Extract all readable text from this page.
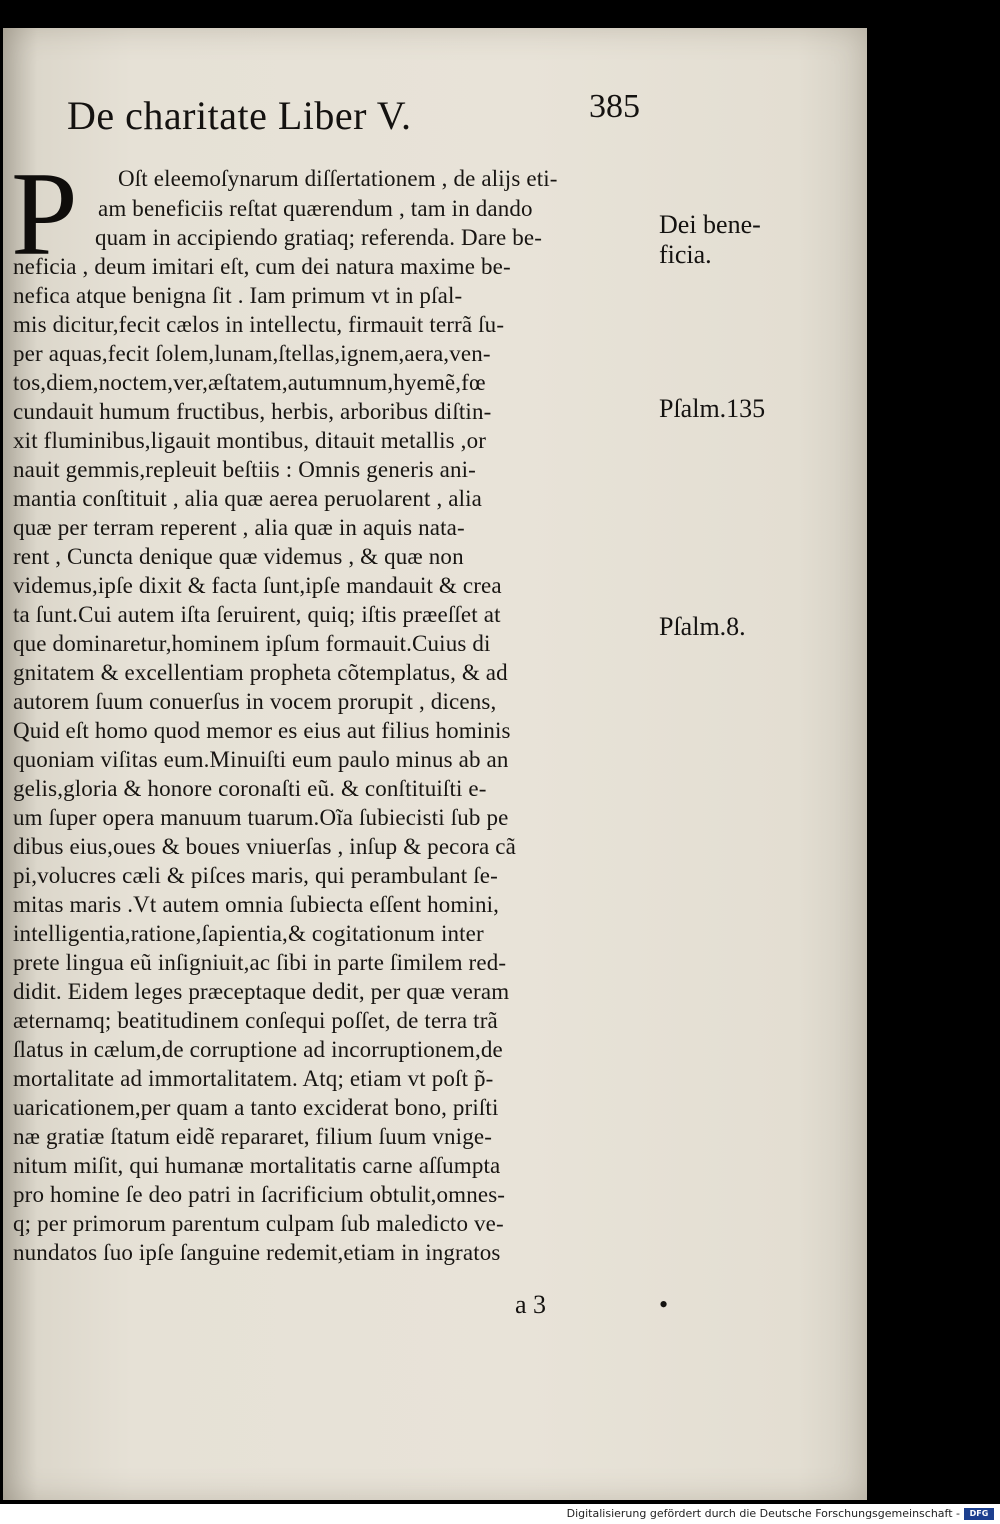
De charitate Liber V.	385
P Oſt eleemoſynarum diſſertationem , de alijs eti-
am beneficiis reſtat quærendum , tam in dando
quam in accipiendo gratiaq; referenda. Dare be-
neficia , deum imitari eſt, cum dei natura maxime be-
nefica atque benigna ſit . Iam primum vt in pſal-
mis dicitur,fecit cælos in intellectu, firmauit terrã ſu-
per aquas,fecit ſolem,lunam,ſtellas,ignem,aera,ven-
tos,diem,noctem,ver,æſtatem,autumnum,hyemẽ,fœ
cundauit humum fructibus, herbis, arboribus diſtin-
xit fluminibus,ligauit montibus, ditauit metallis ,or
nauit gemmis,repleuit beſtiis : Omnis generis ani-
mantia conſtituit , alia quæ aerea peruolarent , alia
quæ per terram reperent , alia quæ in aquis nata-
rent , Cuncta denique quæ videmus , & quæ non
videmus,ipſe dixit & facta ſunt,ipſe mandauit & crea
ta ſunt.Cui autem iſta ſeruirent, quiq; iſtis præeſſet at
que dominaretur,hominem ipſum formauit.Cuius di
gnitatem & excellentiam propheta cõtemplatus, & ad
autorem ſuum conuerſus in vocem prorupit , dicens,
Quid eſt homo quod memor es eius aut filius hominis
quoniam viſitas eum.Minuiſti eum paulo minus ab an
gelis,gloria & honore coronaſti eũ. & conſtituiſti e-
um ſuper opera manuum tuarum.Oĩa ſubiecisti ſub pe
dibus eius,oues & boues vniuerſas , inſup & pecora cã
pi,volucres cæli & piſces maris, qui perambulant ſe-
mitas maris .Vt autem omnia ſubiecta eſſent homini,
intelligentia,ratione,ſapientia,& cogitationum inter
prete lingua eũ inſigniuit,ac ſibi in parte ſimilem red-
didit. Eidem leges præceptaque dedit, per quæ veram
æternamq; beatitudinem conſequi poſſet, de terra trã
ſlatus in cælum,de corruptione ad incorruptionem,de
mortalitate ad immortalitatem. Atq; etiam vt poſt p̃-
uaricationem,per quam a tanto exciderat bono, priſti
næ gratiæ ſtatum eidẽ repararet, filium ſuum vnige-
nitum miſit, qui humanæ mortalitatis carne aſſumpta
pro homine ſe deo patri in ſacrificium obtulit,omnes-
q; per primorum parentum culpam ſub maledicto ve-
nundatos ſuo ipſe ſanguine redemit,etiam in ingratos
Dei bene-
ficia.
Pſalm.135
Pſalm.8.
a 3	•
Digitalisierung gefördert durch die Deutsche Forschungsgemeinschaft -	DFG
